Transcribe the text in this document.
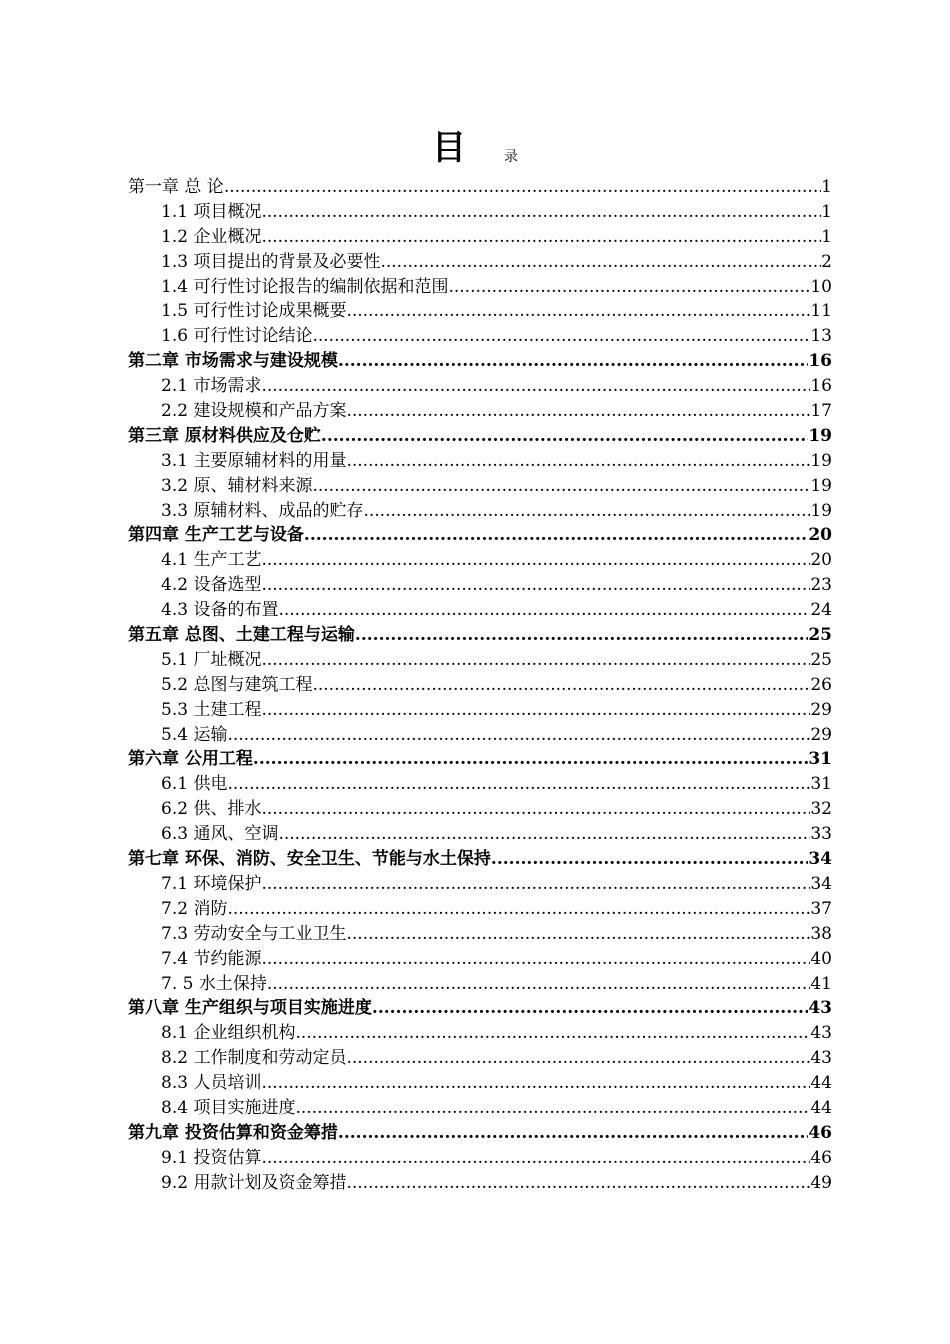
目	录
第一章 总 论 .....	1
1.1 项目概况 .....	1
1.2 企业概况 .....	1
1.3 项目提出的背景及必要性 .....	2
1.4 可行性讨论报告的编制依据和范围 .....	10
1.5 可行性讨论成果概要 .....	11
1.6 可行性讨论结论 .....	13
第二章 市场需求与建设规模 .....	16
2.1 市场需求 .....	16
2.2 建设规模和产品方案 .....	17
第三章 原材料供应及仓贮 .....	19
3.1 主要原辅材料的用量 .....	19
3.2 原、辅材料来源 .....	19
3.3 原辅材料、成品的贮存 .....	19
第四章 生产工艺与设备 .....	20
4.1 生产工艺 .....	20
4.2 设备选型 .....	23
4.3 设备的布置 .....	24
第五章 总图、土建工程与运输 .....	25
5.1 厂址概况 .....	25
5.2 总图与建筑工程 .....	26
5.3 土建工程 .....	29
5.4 运输 .....	29
第六章 公用工程 .....	31
6.1 供电 .....	31
6.2 供、排水 .....	32
6.3 通风、空调 .....	33
第七章 环保、消防、安全卫生、节能与水土保持 .....	34
7.1 环境保护 .....	34
7.2 消防 .....	37
7.3 劳动安全与工业卫生 .....	38
7.4 节约能源 .....	40
7. 5 水土保持 .....	41
第八章 生产组织与项目实施进度 .....	43
8.1 企业组织机构 .....	43
8.2 工作制度和劳动定员 .....	43
8.3 人员培训 .....	44
8.4 项目实施进度 .....	44
第九章 投资估算和资金筹措 .....	46
9.1 投资估算 .....	46
9.2 用款计划及资金筹措 .....	49
